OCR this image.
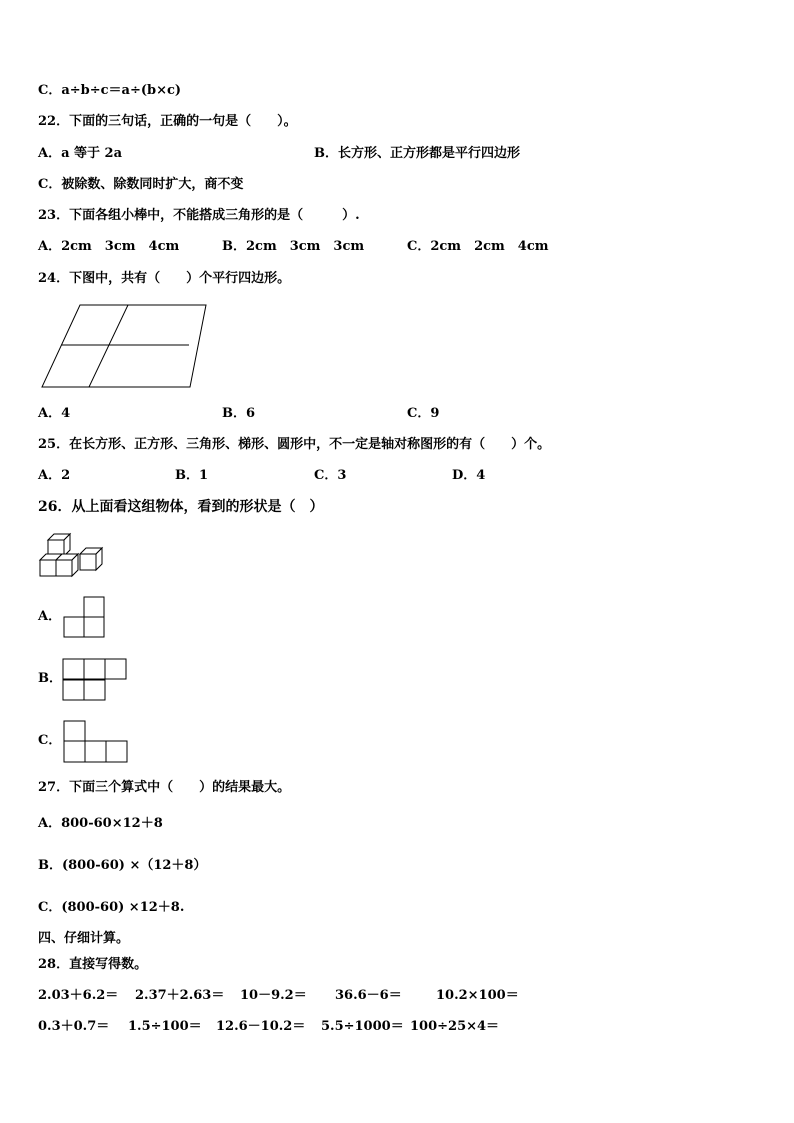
C．a÷b÷c＝a÷(b×c)
22．下面的三句话，正确的一句是（　　）。
A．a 等于 2a	B．长方形、正方形都是平行四边形
C．被除数、除数同时扩大，商不变
23．下面各组小棒中，不能搭成三角形的是（　　　）.
A．2cm　3cm　4cm	B．2cm　3cm　3cm	C．2cm　2cm　4cm
24．下图中，共有（　　）个平行四边形。
A．4	B．6	C．9
25．在长方形、正方形、三角形、梯形、圆形中，不一定是轴对称图形的有（　　）个。
A．2	B．1	C．3	D．4
26．从上面看这组物体，看到的形状是（　）
A．
B．
C．
27．下面三个算式中（　　）的结果最大。
A．800-60×12＋8
B．(800-60) ×（12＋8）
C．(800-60) ×12＋8.
四、仔细计算。
28．直接写得数。
2.03＋6.2＝ 2.37＋2.63＝ 10－9.2＝ 36.6－6＝	10.2×100＝
0.3＋0.7＝ 1.5÷100＝ 12.6－10.2＝ 5.5÷1000＝ 100÷25×4＝
